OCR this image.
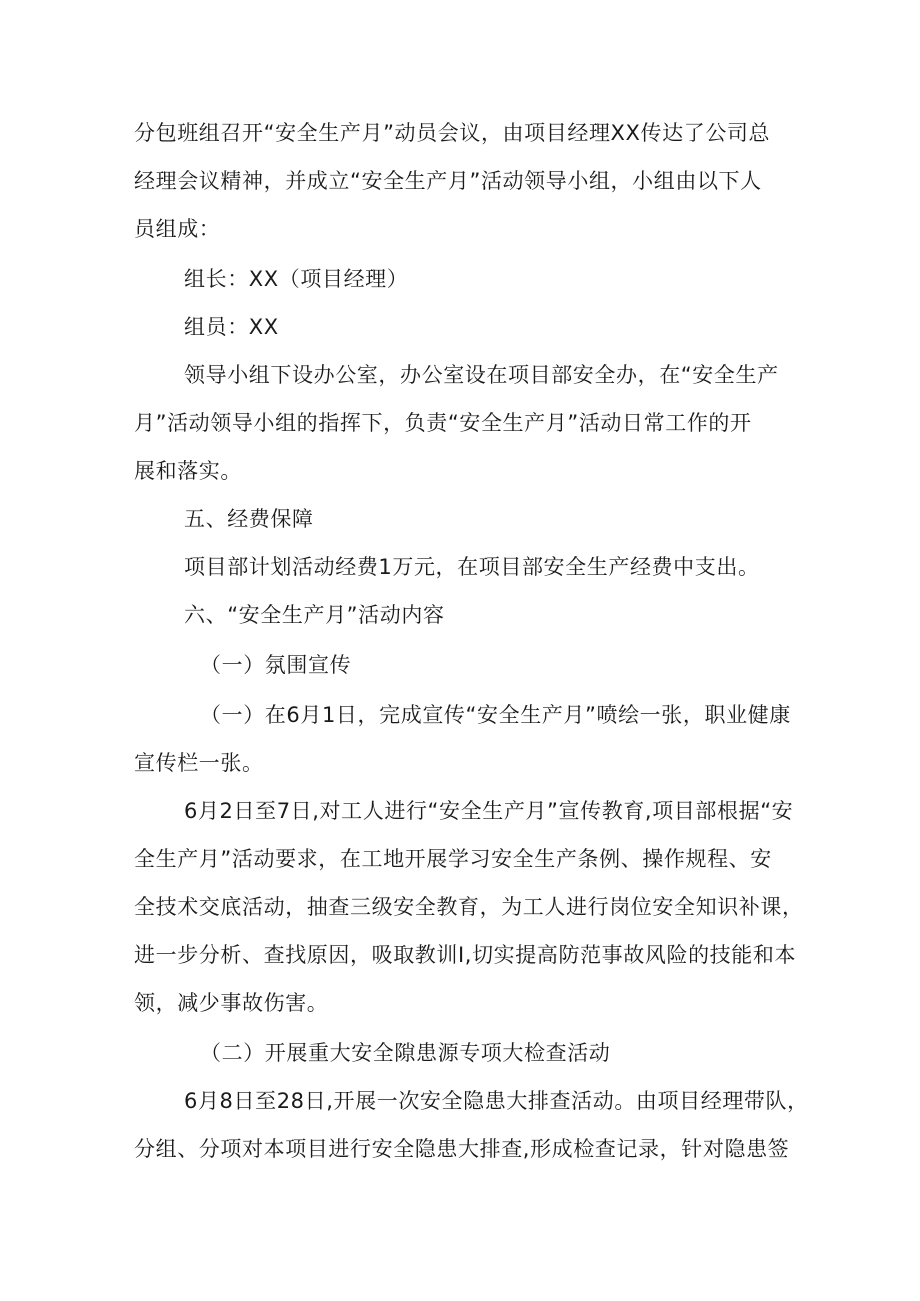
分包班组召开“安全生产月”动员会议，由项目经理XX传达了公司总
经理会议精神，并成立“安全生产月”活动领导小组，小组由以下人
员组成：
组长：XX（项目经理）
组员：XX
领导小组下设办公室，办公室设在项目部安全办，在“安全生产
月”活动领导小组的指挥下，负责“安全生产月”活动日常工作的开
展和落实。
五、经费保障
项目部计划活动经费1万元，在项目部安全生产经费中支出。
六、“安全生产月”活动内容
（一）氛围宣传
（一）在6月1日，完成宣传“安全生产月”喷绘一张，职业健康
宣传栏一张。
6月2日至7日,对工人进行“安全生产月”宣传教育,项目部根据“安
全生产月”活动要求，在工地开展学习安全生产条例、操作规程、安
全技术交底活动，抽查三级安全教育，为工人进行岗位安全知识补课，
进一步分析、查找原因，吸取教训I,切实提高防范事故风险的技能和本
领，减少事故伤害。
（二）开展重大安全隙患源专项大检查活动
6月8日至28日,开展一次安全隐患大排查活动。由项目经理带队，
分组、分项对本项目进行安全隐患大排查,形成检查记录，针对隐患签
